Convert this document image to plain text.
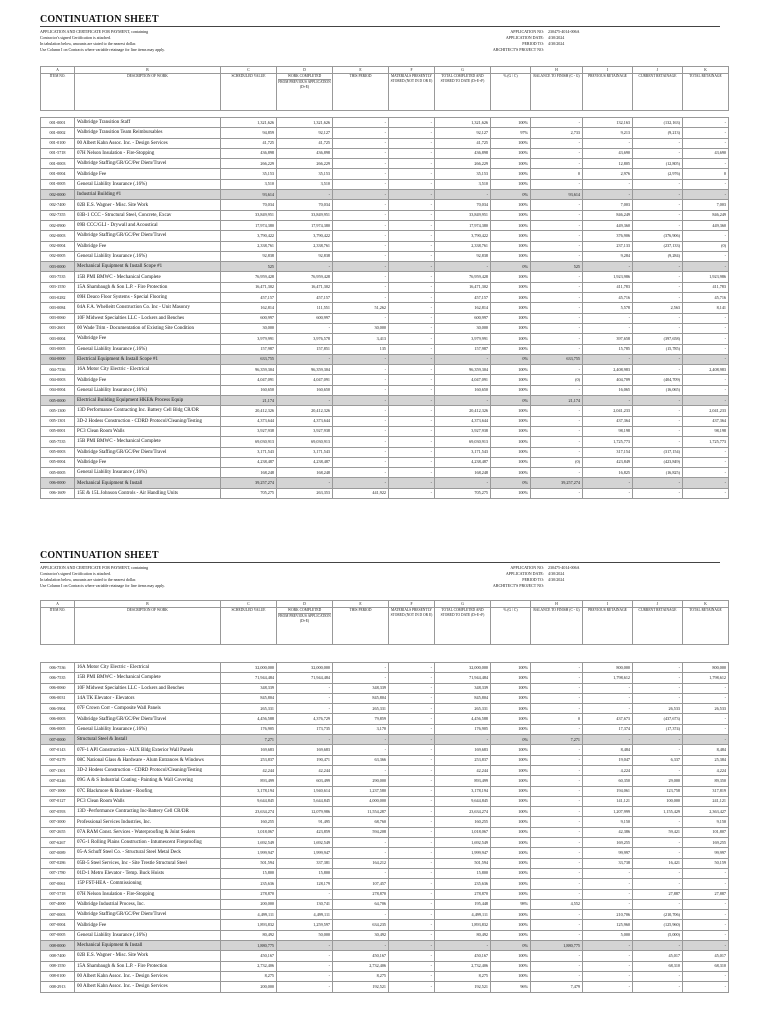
CONTINUATION SHEET
APPLICATION AND CERTIFICATE FOR PAYMENT, containing
Contractor's signed Certification is attached.
In tabulation below, amounts are stated to the nearest dollar.
Use Column I on Contracts where variable retainage for line items may apply.
APPLICATION NO: 230475-4014-006A
APPLICATION DATE: 4/30/2024
PERIOD TO: 4/30/2024
ARCHITECT'S PROJECT NO:
A	B	C	D	E	F	G		H	I	J	K

ITEM NO.	DESCRIPTION OF WORK	SCHEDULED VALUE	WORK COMPLETED
FROM PREVIOUS APPLICATION (D+E)	THIS PERIOD	MATERIALS PRESENTLY STORED (NOT IN D OR E)	TOTAL COMPLETED AND STORED TO DATE (D+E+F)	% (G / C)	BALANCE TO FINISH (C - G)	PREVIOUS RETAINAGE	CURRENT RETAINAGE	TOTAL RETAINAGE
001-0001	Walbridge Transition Staff	1,321,626	1,321,626	-	-	1,321,626	100%	-	132,163	(132,163)	-
001-0002	Walbridge Transition Team Reimbursables	94,859	92,127	-	-	92,127	97%	2,733	9,213	(9,213)	-
001-0100	00 Albert Kahn Assoc. Inc. - Design Services	41,725	41,725	-	-	41,725	100%	-	-	-	-
001-5718	07H Nelson Insulation - Fire-Stopping	436,898	436,898	-	-	436,898	100%	-	43,690	-	43,690
001-0003	Walbridge Staffing/GR/GC/Per Diem/Travel	266,229	266,229	-	-	266,229	100%	-	12,805	(12,805)	-
001-0004	Walbridge Fee	35,153	35,153	-	-	35,153	100%	0	2,976	(2,976)	0
001-0005	General Liability Insurance (.16%)	3,510	3,510	-	-	3,510	100%	-	-	-	-
002-0000	Industrial Building #1	93,614	-	-	-	-	0%	93,614	-	-	-
002-7400	02B E.S. Wagner - Misc. Site Work	70,034	70,034	-	-	70,034	100%	-	7,003	-	7,003
002-7355	03B-1 CCC - Structural Steel, Concrete, Excav	33,849,951	33,849,951	-	-	33,849,951	100%	-	846,249	-	846,249
002-0900	09B CCC/GLI - Drywall and Acoustical	17,974,380	17,974,380	-	-	17,974,380	100%	-	449,360	-	449,360
002-0003	Walbridge Staffing/GR/GC/Per Diem/Travel	3,790,422	3,790,422	-	-	3,790,422	100%	-	376,906	(376,906)	-
002-0004	Walbridge Fee	2,338,761	2,338,761	-	-	2,338,761	100%	-	237,133	(237,133)	(0)
002-0005	General Liability Insurance (.16%)	92,838	92,838	-	-	92,838	100%	-	9,284	(9,284)	-
003-0000	Mechanical Equipment & Install Scope #1	525	-	-	-	-	0%	525	-	-	-
003-7535	15B PMI BMWC - Mechanical Complete	76,959,428	76,959,428	-	-	76,959,428	100%	-	1,923,986	-	1,923,986
003-1550	15A Shambaugh & Son L.P. - Fire Protection	16,471,302	16,471,302	-	-	16,471,302	100%	-	411,783	-	411,783
003-0282	09H Deaco Floor Systems - Special Flooring	457,157	457,157	-	-	457,157	100%	-	45,716	-	45,716
003-0084	04A F.A. Whelleitt Construction Co. Inc - Unit Masonry	162,814	111,551	51,262	-	162,814	100%	-	5,578	2,563	8,141
003-0060	10F Midwest Specialties LLC - Lockers and Benches	600,997	600,997	-	-	600,997	100%	-	-	-	-
003-2601	00 Wade Trim - Documentation of Existing Site Condition	30,000	-	30,000	-	30,000	100%	-	-	-	-
003-0004	Walbridge Fee	3,979,991	3,976,578	3,413	-	3,979,991	100%	-	397,658	(397,658)	-
003-0005	General Liability Insurance (.16%)	157,987	157,851	135	-	157,987	100%	-	15,785	(15,785)	-
004-0000	Electrical Equipment & Install Scope #1	633,755	-	-	-	-	0%	633,755	-	-	-
004-7536	16A Motor City Electric - Electrical	96,359,304	96,359,304	-	-	96,359,304	100%	-	2,408,983	-	2,408,983
004-0003	Walbridge Fee	4,047,091	4,047,091	-	-	4,047,091	100%	(0)	404,709	(404,709)	-
004-0004	General Liability Insurance (.16%)	160,650	160,650	-	-	160,650	100%	-	16,065	(16,065)	-
005-0000	Electrical Building Equipment HKE& Process Equip	21,174	-	-	-	-	0%	21,174	-	-	-
005-1300	13D Performance Contracting Inc. Battery Cell Bldg CR/DR	20,412,326	20,412,326	-	-	20,412,326	100%	-	2,041,233	-	2,041,233
005-1301	3D-2 Hodess Construction - CDRD Protocol/Cleaning/Testing	4,373,644	4,373,644	-	-	4,373,644	100%	-	437,364	-	437,364
005-0001	PC3 Clean Room Walls	3,927,938	3,927,938	-	-	3,927,938	100%	-	98,198	-	98,198
005-7535	15B PMI BMWC - Mechanical Complete	69,030,913	69,030,913	-	-	69,030,913	100%	-	1,725,773	-	1,725,773
005-0003	Walbridge Staffing/GR/GC/Per Diem/Travel	3,171,543	3,171,543	-	-	3,171,543	100%	-	317,154	(317,154)	-
005-0004	Walbridge Fee	4,238,487	4,238,487	-	-	4,238,487	100%	(0)	423,849	(423,849)	-
005-0005	General Liability Insurance (.16%)	168,248	168,248	-	-	168,248	100%	-	16,825	(16,825)	-
006-0000	Mechanical Equipment & Install	39,257,274	-	-	-	-	0%	39,257,274	-	-	-
006-1609	15E & 15L Johnson Controls - Air Handling Units	705,275	263,353	441,922	-	705,275	100%	-	-	-	-
CONTINUATION SHEET
APPLICATION AND CERTIFICATE FOR PAYMENT, containing
Contractor's signed Certification is attached.
In tabulation below, amounts are stated to the nearest dollar.
Use Column I on Contracts where variable retainage for line items may apply.
APPLICATION NO: 230475-4014-006A
APPLICATION DATE: 4/30/2024
PERIOD TO: 4/30/2024
ARCHITECT'S PROJECT NO:
A	B	C	D	E	F	G		H	I	J	K

ITEM NO.	DESCRIPTION OF WORK	SCHEDULED VALUE	WORK COMPLETED
FROM PREVIOUS APPLICATION (D+E)	THIS PERIOD	MATERIALS PRESENTLY STORED (NOT IN D OR E)	TOTAL COMPLETED AND STORED TO DATE (D+E+F)	% (G / C)	BALANCE TO FINISH (C - G)	PREVIOUS RETAINAGE	CURRENT RETAINAGE	TOTAL RETAINAGE
006-7536	16A Motor City Electric - Electrical	32,000,000	32,000,000	-	-	32,000,000	100%	-	800,000	-	800,000
006-7535	15B PMI BMWC - Mechanical Complete	71,944,484	71,944,484	-	-	71,944,484	100%	-	1,798,612	-	1,798,612
006-0060	10F Midwest Specialties LLC - Lockers and Benches	348,339	-	348,339	-	348,339	100%	-	-	-	-
006-0031	14A TK Elevator - Elevators	845,804	-	845,804	-	845,804	100%	-	-	-	-
006-5904	07F Crown Corr - Composite Wall Panels	265,331	-	265,331	-	265,331	100%	-	-	26,533	26,533
006-0003	Walbridge Staffing/GR/GC/Per Diem/Travel	4,456,588	4,376,729	79,859	-	4,456,588	100%	0	437,673	(437,673)	-
006-0005	General Liability Insurance (.16%)	176,905	173,735	3,170	-	176,905	100%	-	17,374	(17,374)	-
007-0000	Structural Steel & Install	7,271	-	-	-	-	0%	7,271	-	-	-
007-0143	07F-1 API Construction - AUX Bldg Exterior Wall Panels	169,683	169,683	-	-	169,683	100%	-	8,484	-	8,484
007-0279	08C National Glass & Hardware - Alum Entrances & Windows	253,837	190,471	63,366	-	253,837	100%	-	19,047	6,337	25,384
007-1301	3D-2 Hodess Construction - CDRD Protocol/Cleaning/Testing	42,244	42,244	-	-	42,244	100%	-	4,224	-	4,224
007-0246	09G A & S Industrial Coating - Painting & Wall Covering	893,499	603,499	290,000	-	893,499	100%	-	60,350	29,000	89,350
007-1000	07C Blackmore & Buckner - Roofing	3,178,194	1,940,614	1,237,580	-	3,178,194	100%	-	194,061	123,758	317,819
007-0127	PC3 Clean Room Walls	9,644,845	5,644,845	4,000,000	-	9,644,845	100%	-	141,121	100,000	241,121
007-0593	13D -Performance Contracting Inc-Battery Cell CR/DR	23,634,274	12,079,986	11,554,287	-	23,634,274	100%	-	1,207,999	1,155,429	2,363,427
007-3000	Professional Services Industries, Inc.	160,255	91,495	68,760	-	160,255	100%	-	9,150	-	9,150
007-2655	07A RAM Const. Services - Waterproofing & Joint Sealers	1,018,067	423,859	594,208	-	1,018,067	100%	-	42,386	59,421	101,807
007-6267	07G-1 Rolling Plains Construction - Intumescent Fireproofing	1,692,549	1,692,549	-	-	1,692,549	100%	-	169,255	-	169,255
007-0089	05-A Schuff Steel Co. - Structural Steel Metal Deck	1,999,947	1,999,947	-	-	1,999,947	100%	-	99,997	-	99,997
007-0286	05B-5 Steel Services, Inc - Site Trestle Structural Steel	501,594	337,381	164,212	-	501,594	100%	-	33,738	16,421	50,159
007-1780	01D-1 Metro Elevator - Temp. Buck Hoists	15,800	15,800	-	-	15,800	100%	-	-	-	-
007-0061	15P FST-HEA - Commissioning	235,636	128,179	107,457	-	235,636	100%	-	-	-	-
007-5718	07H Nelson Insulation - Fire-Stopping	278,870	-	278,870	-	278,870	100%	-	-	27,887	27,887
007-4000	Walbridge Industrial Process, Inc.	200,000	130,741	64,706	-	195,448	98%	4,552	-	-	-
007-0003	Walbridge Staffing/GR/GC/Per Diem/Travel	4,499,111	4,499,111	-	-	4,499,111	100%	-	210,706	(210,706)	-
007-0004	Walbridge Fee	1,893,832	1,259,597	634,235	-	1,893,832	100%	-	125,960	(125,960)	-
007-0005	General Liability Insurance (.16%)	80,492	50,000	30,492	-	80,492	100%	-	5,000	(5,000)	-
008-0000	Mechanical Equipment & Install	1,880,775	-	-	-	-	0%	1,880,775	-	-	-
008-7400	02B E.S. Wagner - Misc. Site Work	450,167	-	450,167	-	450,167	100%	-	-	45,017	45,017
008-1550	15A Shambaugh & Son L.P. - Fire Protection	2,732,406	-	2,732,406	-	2,732,406	100%	-	-	68,310	68,310
008-0100	00 Albert Kahn Assoc. Inc. - Design Services	8,275	-	8,275	-	8,275	100%	-	-	-	-
008-2913	00 Albert Kahn Assoc. Inc. - Design Services	200,000	-	192,521	-	192,521	96%	7,479	-	-	-
